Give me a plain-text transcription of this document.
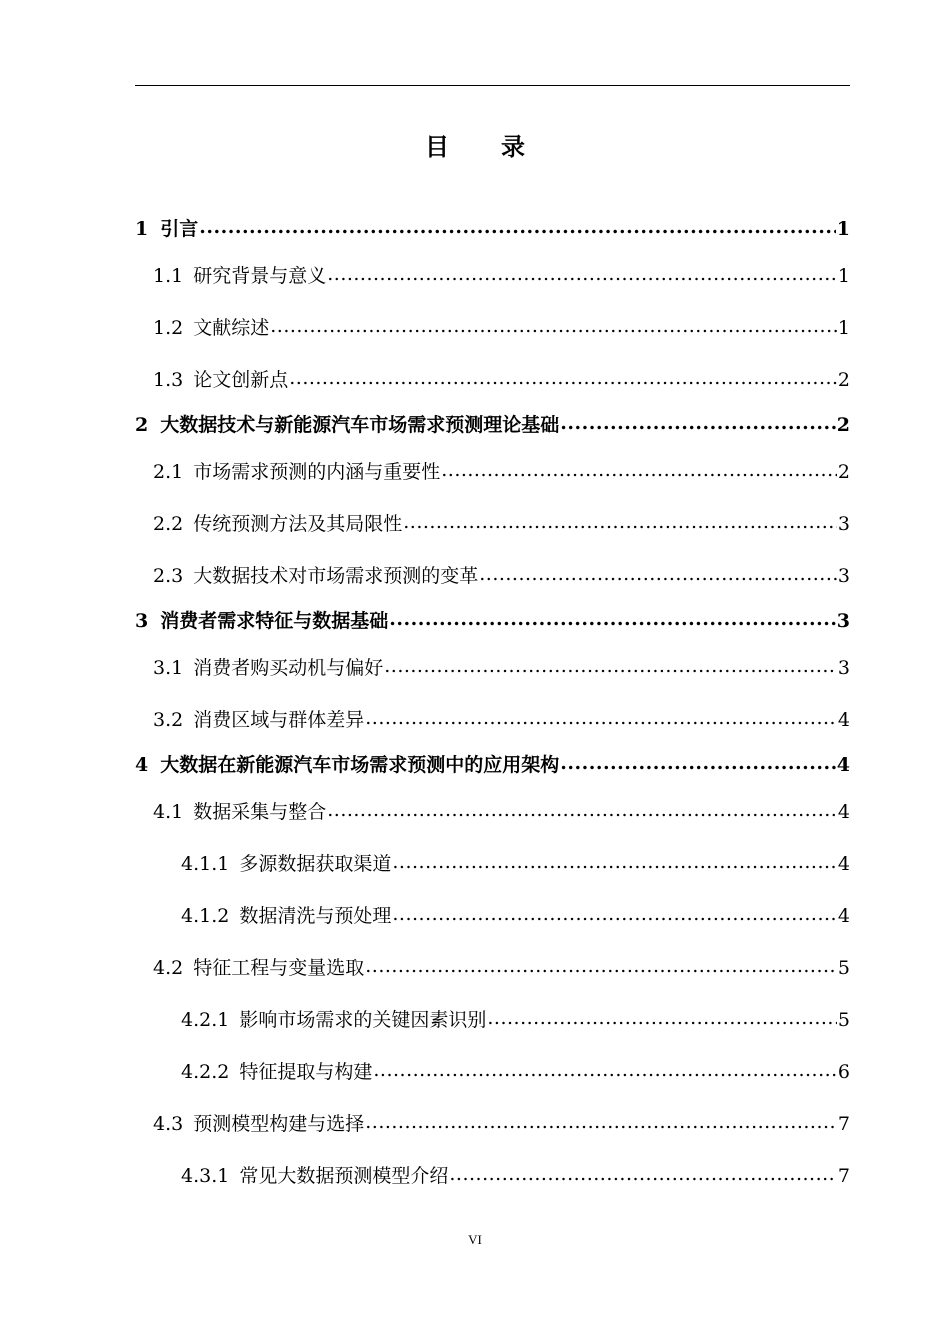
目 录
1 引言 .....	1
1.1 研究背景与意义 .....	1
1.2 文献综述 .....	1
1.3 论文创新点 .....	2
2 大数据技术与新能源汽车市场需求预测理论基础 .....	2
2.1 市场需求预测的内涵与重要性 .....	2
2.2 传统预测方法及其局限性 .....	3
2.3 大数据技术对市场需求预测的变革 .....	3
3 消费者需求特征与数据基础 .....	3
3.1 消费者购买动机与偏好 .....	3
3.2 消费区域与群体差异 .....	4
4 大数据在新能源汽车市场需求预测中的应用架构 .....	4
4.1 数据采集与整合 .....	4
4.1.1 多源数据获取渠道 .....	4
4.1.2 数据清洗与预处理 .....	4
4.2 特征工程与变量选取 .....	5
4.2.1 影响市场需求的关键因素识别 .....	5
4.2.2 特征提取与构建 .....	6
4.3 预测模型构建与选择 .....	7
4.3.1 常见大数据预测模型介绍 .....	7
VI
